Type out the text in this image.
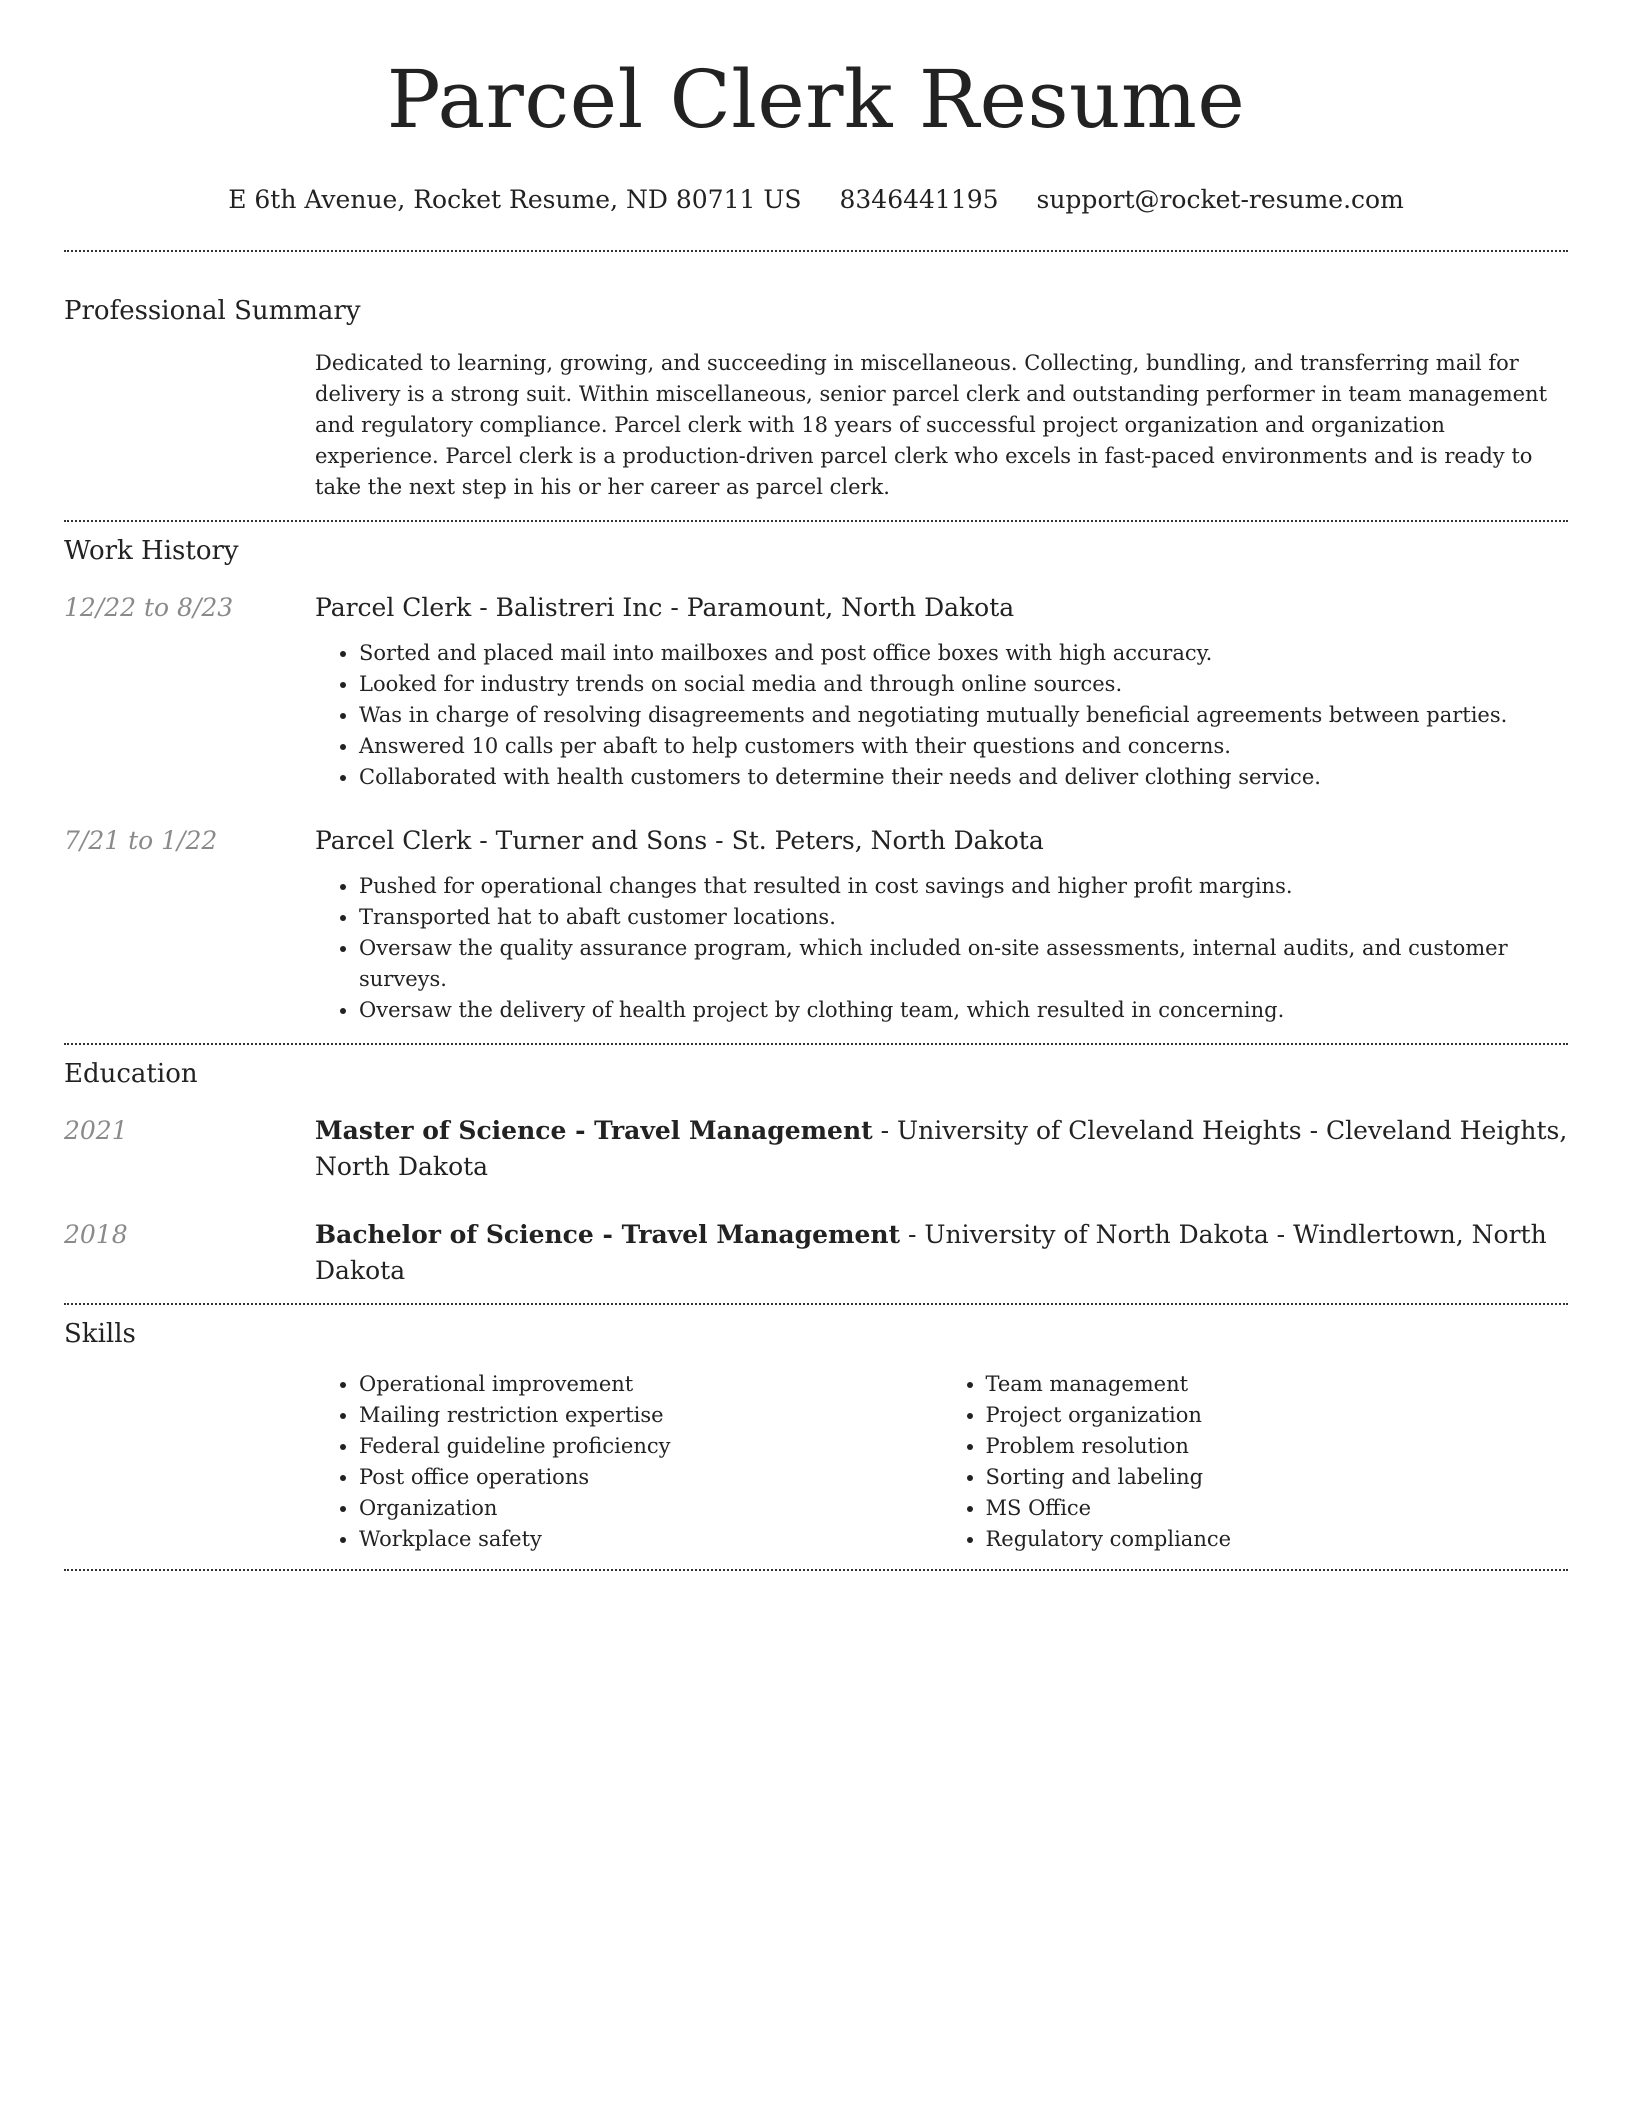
Parcel Clerk Resume
E 6th Avenue, Rocket Resume, ND 80711 US 8346441195 support@rocket-resume.com
Professional Summary

Dedicated to learning, growing, and succeeding in miscellaneous. Collecting, bundling, and transferring mail for delivery is a strong suit. Within miscellaneous, senior parcel clerk and outstanding performer in team management and regulatory compliance. Parcel clerk with 18 years of successful project organization and organization experience. Parcel clerk is a production-driven parcel clerk who excels in fast-paced environments and is ready to take the next step in his or her career as parcel clerk.

Work History
12/22 to 8/23	Parcel Clerk - Balistreri Inc - Paramount, North Dakota
• Sorted and placed mail into mailboxes and post office boxes with high accuracy.
• Looked for industry trends on social media and through online sources.
• Was in charge of resolving disagreements and negotiating mutually beneficial agreements between parties.
• Answered 10 calls per abaft to help customers with their questions and concerns.
• Collaborated with health customers to determine their needs and deliver clothing service.
7/21 to 1/22	Parcel Clerk - Turner and Sons - St. Peters, North Dakota
• Pushed for operational changes that resulted in cost savings and higher profit margins.
• Transported hat to abaft customer locations.
• Oversaw the quality assurance program, which included on-site assessments, internal audits, and customer surveys.
• Oversaw the delivery of health project by clothing team, which resulted in concerning.
Education
2021	Master of Science - Travel Management - University of Cleveland Heights - Cleveland Heights, North Dakota
2018	Bachelor of Science - Travel Management - University of North Dakota - Windlertown, North Dakota
Skills
• Operational improvement
• Mailing restriction expertise
• Federal guideline proficiency
• Post office operations
• Organization
• Workplace safety
• Team management
• Project organization
• Problem resolution
• Sorting and labeling
• MS Office
• Regulatory compliance
